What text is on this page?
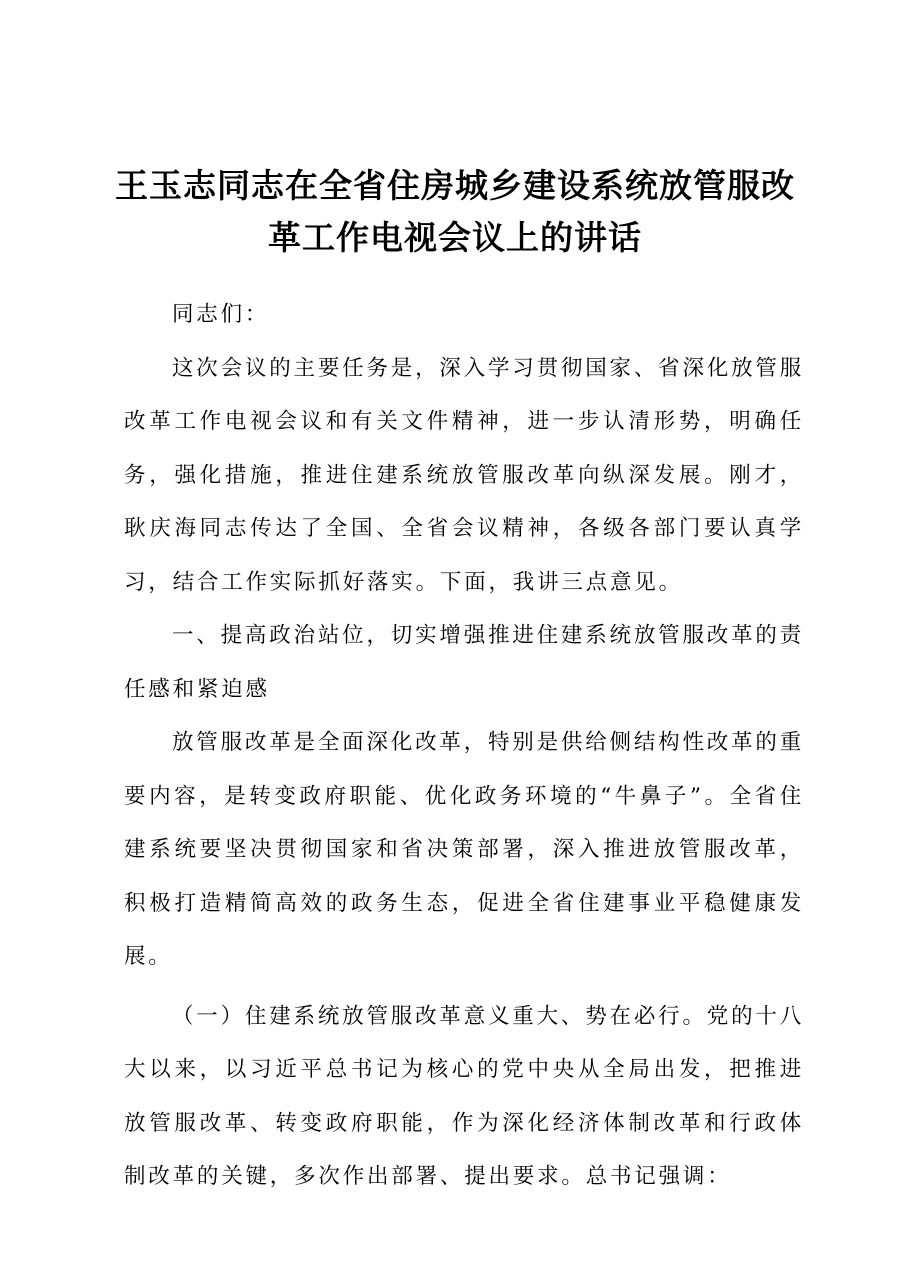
王玉志同志在全省住房城乡建设系统放管服改
革工作电视会议上的讲话

同志们：

这次会议的主要任务是，深入学习贯彻国家、省深化放管服改革工作电视会议和有关文件精神，进一步认清形势，明确任务，强化措施，推进住建系统放管服改革向纵深发展。刚才，耿庆海同志传达了全国、全省会议精神，各级各部门要认真学习，结合工作实际抓好落实。下面，我讲三点意见。

一、提高政治站位，切实增强推进住建系统放管服改革的责任感和紧迫感

放管服改革是全面深化改革，特别是供给侧结构性改革的重要内容，是转变政府职能、优化政务环境的“牛鼻子”。全省住建系统要坚决贯彻国家和省决策部署，深入推进放管服改革，积极打造精简高效的政务生态，促进全省住建事业平稳健康发展。

（一）住建系统放管服改革意义重大、势在必行。党的十八大以来，以习近平总书记为核心的党中央从全局出发，把推进放管服改革、转变政府职能，作为深化经济体制改革和行政体制改革的关键，多次作出部署、提出要求。总书记强调：
